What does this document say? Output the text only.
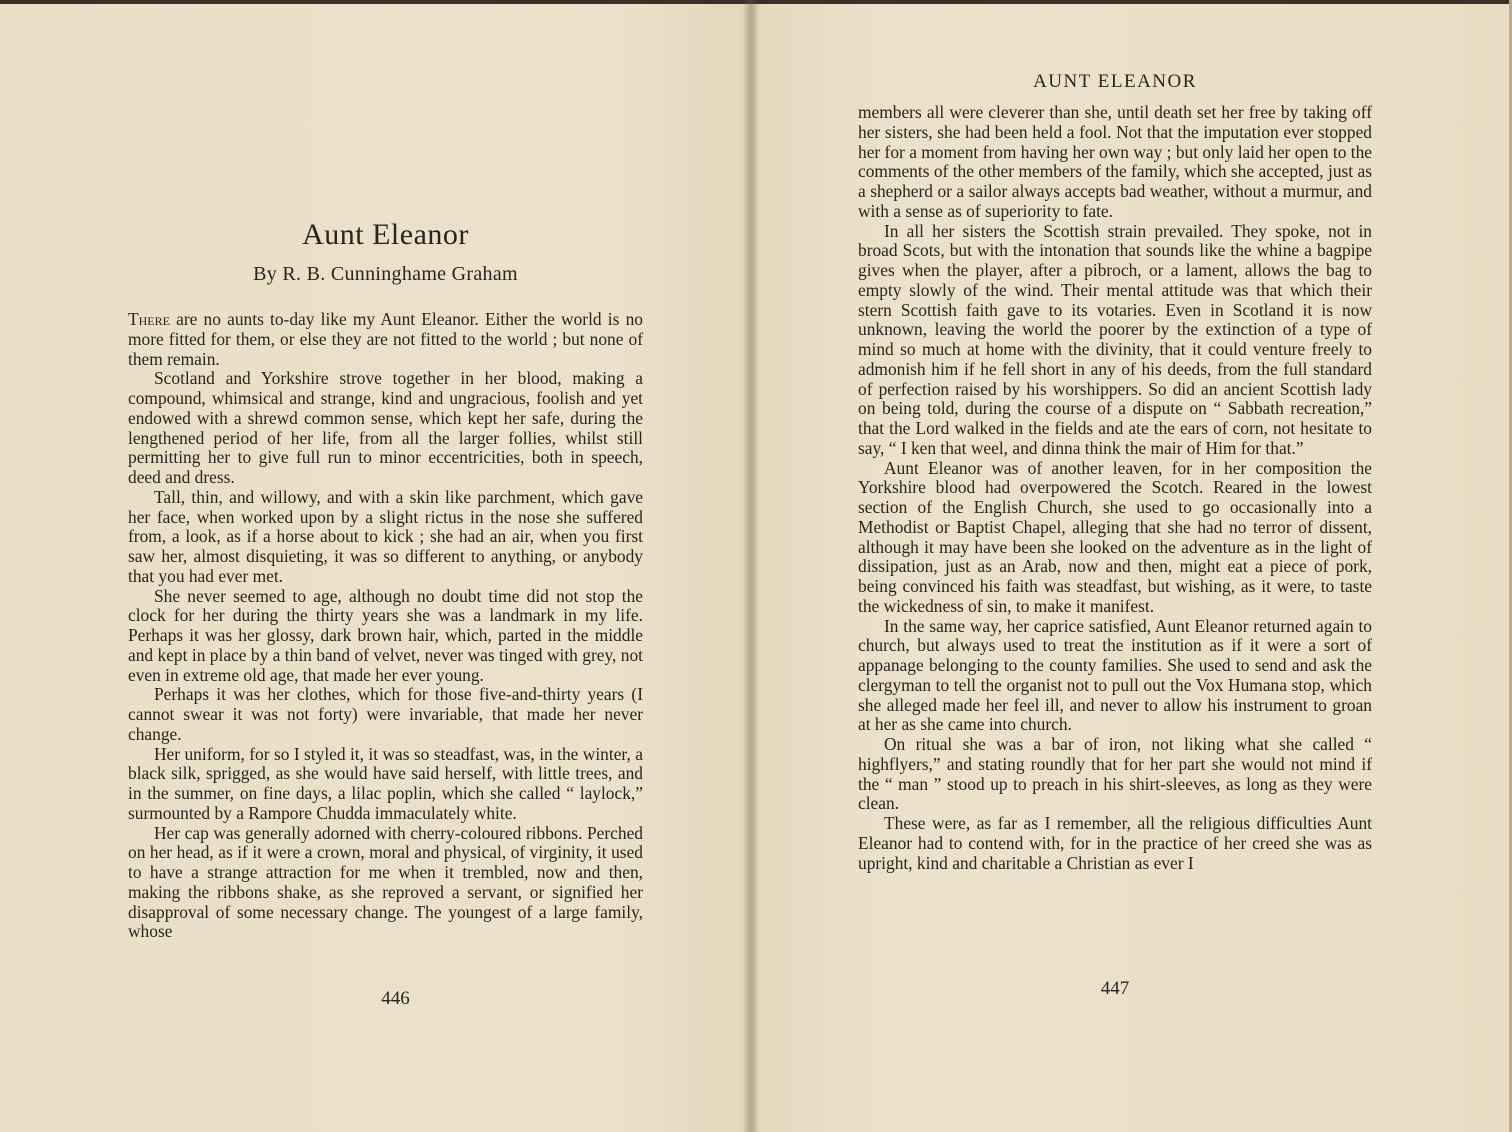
Aunt Eleanor
By R. B. Cunninghame Graham

There are no aunts to-day like my Aunt Eleanor. Either the world is no more fitted for them, or else they are not fitted to the world ; but none of them remain.

Scotland and Yorkshire strove together in her blood, making a compound, whimsical and strange, kind and ungracious, foolish and yet endowed with a shrewd common sense, which kept her safe, during the lengthened period of her life, from all the larger follies, whilst still permitting her to give full run to minor eccentricities, both in speech, deed and dress.

Tall, thin, and willowy, and with a skin like parchment, which gave her face, when worked upon by a slight rictus in the nose she suffered from, a look, as if a horse about to kick ; she had an air, when you first saw her, almost disquieting, it was so different to anything, or anybody that you had ever met.

She never seemed to age, although no doubt time did not stop the clock for her during the thirty years she was a landmark in my life. Perhaps it was her glossy, dark brown hair, which, parted in the middle and kept in place by a thin band of velvet, never was tinged with grey, not even in extreme old age, that made her ever young.

Perhaps it was her clothes, which for those five-and-thirty years (I cannot swear it was not forty) were invariable, that made her never change.

Her uniform, for so I styled it, it was so steadfast, was, in the winter, a black silk, sprigged, as she would have said herself, with little trees, and in the summer, on fine days, a lilac poplin, which she called “ laylock,” surmounted by a Rampore Chudda immaculately white.

Her cap was generally adorned with cherry-coloured ribbons. Perched on her head, as if it were a crown, moral and physical, of virginity, it used to have a strange attraction for me when it trembled, now and then, making the ribbons shake, as she reproved a servant, or signified her disapproval of some necessary change. The youngest of a large family, whose

446
AUNT ELEANOR

members all were cleverer than she, until death set her free by taking off her sisters, she had been held a fool. Not that the imputation ever stopped her for a moment from having her own way ; but only laid her open to the comments of the other members of the family, which she accepted, just as a shepherd or a sailor always accepts bad weather, without a murmur, and with a sense as of superiority to fate.

In all her sisters the Scottish strain prevailed. They spoke, not in broad Scots, but with the intonation that sounds like the whine a bagpipe gives when the player, after a pibroch, or a lament, allows the bag to empty slowly of the wind. Their mental attitude was that which their stern Scottish faith gave to its votaries. Even in Scotland it is now unknown, leaving the world the poorer by the extinction of a type of mind so much at home with the divinity, that it could venture freely to admonish him if he fell short in any of his deeds, from the full standard of perfection raised by his worshippers. So did an ancient Scottish lady on being told, during the course of a dispute on “ Sabbath recreation,” that the Lord walked in the fields and ate the ears of corn, not hesitate to say, “ I ken that weel, and dinna think the mair of Him for that.”

Aunt Eleanor was of another leaven, for in her composition the Yorkshire blood had overpowered the Scotch. Reared in the lowest section of the English Church, she used to go occasionally into a Methodist or Baptist Chapel, alleging that she had no terror of dissent, although it may have been she looked on the adventure as in the light of dissipation, just as an Arab, now and then, might eat a piece of pork, being convinced his faith was steadfast, but wishing, as it were, to taste the wickedness of sin, to make it manifest.

In the same way, her caprice satisfied, Aunt Eleanor returned again to church, but always used to treat the institution as if it were a sort of appanage belonging to the county families. She used to send and ask the clergyman to tell the organist not to pull out the Vox Humana stop, which she alleged made her feel ill, and never to allow his instrument to groan at her as she came into church.

On ritual she was a bar of iron, not liking what she called “ highflyers,” and stating roundly that for her part she would not mind if the “ man ” stood up to preach in his shirt-sleeves, as long as they were clean.

These were, as far as I remember, all the religious difficulties Aunt Eleanor had to contend with, for in the practice of her creed she was as upright, kind and charitable a Christian as ever I

447
